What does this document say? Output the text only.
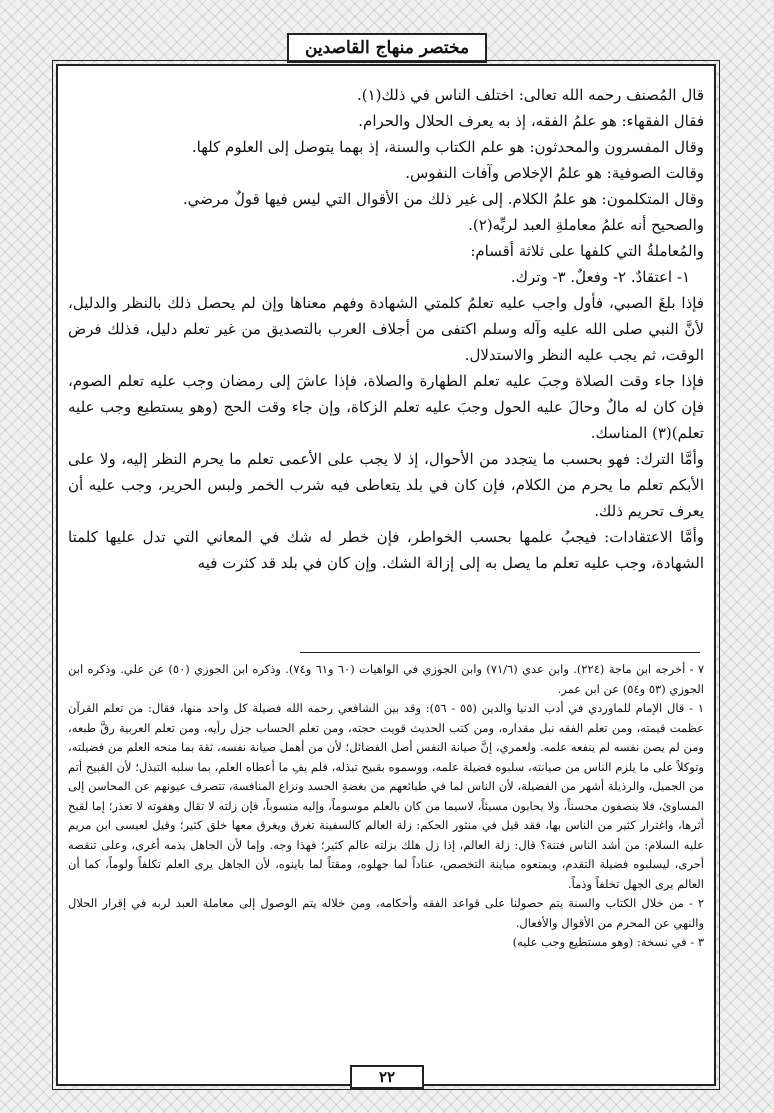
مختصر منهاج القاصدين

قال المُصنف رحمه الله تعالى: اختلف الناس في ذلك(١).

فقال الفقهاء: هو علمُ الفقه، إذ به يعرف الحلال والحرام.

وقال المفسرون والمحدثون: هو علم الكتاب والسنة، إذ بهما يتوصل إلى العلوم كلها.

وقالت الصوفية: هو علمُ الإخلاص وآفات النفوس.

وقال المتكلمون: هو علمُ الكلام. إلى غير ذلك من الأقوال التي ليس فيها قولٌ مرضي.

والصحيح أنه علمُ معاملةِ العبد لربِّه(٢).

والمُعاملةُ التي كلفها على ثلاثة أقسام:

١- اعتقادٌ. ٢- وفعلٌ. ٣- وترك.

فإذا بلغَ الصبي، فأول واجب عليه تعلمُ كلمتي الشهادة وفهم معناها وإن لم يحصل ذلك بالنظر والدليل، لأنَّ النبي صلى الله عليه وآله وسلم اكتفى من أجلاف العرب بالتصديق من غير تعلم دليل، فذلك فرض الوقت، ثم يجب عليه النظر والاستدلال.

فإذا جاء وقت الصلاة وجبَ عليه تعلم الطهارة والصلاة، فإذا عاشَ إلى رمضان وجب عليه تعلم الصوم، فإن كان له مالٌ وحالَ عليه الحول وجبَ عليه تعلم الزكاة، وإن جاء وقت الحج (وهو يستطيع وجب عليه تعلم)(٣) المناسك.

وأمَّا الترك: فهو بحسب ما يتجدد من الأحوال، إذ لا يجب على الأعمى تعلم ما يحرم النظر إليه، ولا على الأبكم تعلم ما يحرم من الكلام، فإن كان في بلد يتعاطى فيه شرب الخمر ولبس الحرير، وجب عليه أن يعرف تحريم ذلك.

وأمَّا الاعتقادات: فيجبُ علمها بحسب الخواطر، فإن خطر له شك في المعاني التي تدل عليها كلمتا الشهادة، وجب عليه تعلم ما يصل به إلى إزالة الشك. وإن كان في بلد قد كثرت فيه

٧ - أخرجه ابن ماجة (٢٢٤). وابن عدي (٧١/٦) وابن الجوزي في الواهيات (٦٠ و٦١ و٧٤). وذكره ابن الجوزي (٥٠) عن علي. وذكره ابن الجوزي (٥٣ و٥٤) عن ابن عمر.

١ - قال الإمام للماوردي في أدب الدنيا والدين (٥٥ - ٥٦): وقد بين الشافعي رحمه الله فضيلة كل واحد منها، فقال: من تعلم القرآن عظمت قيمته، ومن تعلم الفقه نبل مقداره، ومن كتب الحديث قويت حجته، ومن تعلم الحساب جزل رأيه، ومن تعلم العربية رقَّ طبعه، ومن لم يصن نفسه لم ينفعه علمه. ولعمري، إنَّ صيانة النفس أصل الفضائل؛ لأن من أهمل صيانة نفسه، ثقة بما منحه العلم من فضيلته، وتوكلاً على ما يلزم الناس من صيانته، سلبوه فضيلة علمه، ووسموه بقبيح تبذله، فلم يفِ ما أعطاه العلم، بما سلبه التبذل؛ لأن القبيح أتم من الجميل، والرذيلة أشهر من الفضيلة، لأن الناس لما في طبائعهم من بغضةِ الحسد ونزاع المنافسة، تتصرف عيونهم عن المحاسن إلى المساوئ، فلا ينصفون محسناً، ولا يحابون مسيئاً، لاسيما من كان بالعلم موسوماً، وإليه منسوباً، فإن زلته لا تقال وهفوته لا تعذر؛ إما لقبح أثرها، واغترار كثير من الناس بها، فقد قيل في منثور الحكم: زلة العالم كالسفينة تغرق ويغرق معها خلق كثير؛ وقيل لعيسى ابن مريم عليه السلام: من أشد الناس فتنة؟ قال: زلة العالم، إذا زل هلك بزلته عالم كثير؛ فهذا وجه. وإما لأن الجاهل يذمه أغرى، وعلى تنقصه أحرى، ليسلبوه فضيلة التقدم، ويمنعوه مباينة التخصص، عناداً لما جهلوه، ومقتاً لما باينوه، لأن الجاهل يرى العلم تكلفاً ولوماً، كما أن العالم يرى الجهل تخلفاً وذماً.

٢ - من خلال الكتاب والسنة يتم حصولنا على قواعد الفقه وأحكامه، ومن خلاله يتم الوصول إلى معاملة العبد لربه في إقرار الحلال والنهي عن المحرم من الأقوال والأفعال.

٣ - في نسخة: (وهو مستطيع وجب عليه)

٢٢
